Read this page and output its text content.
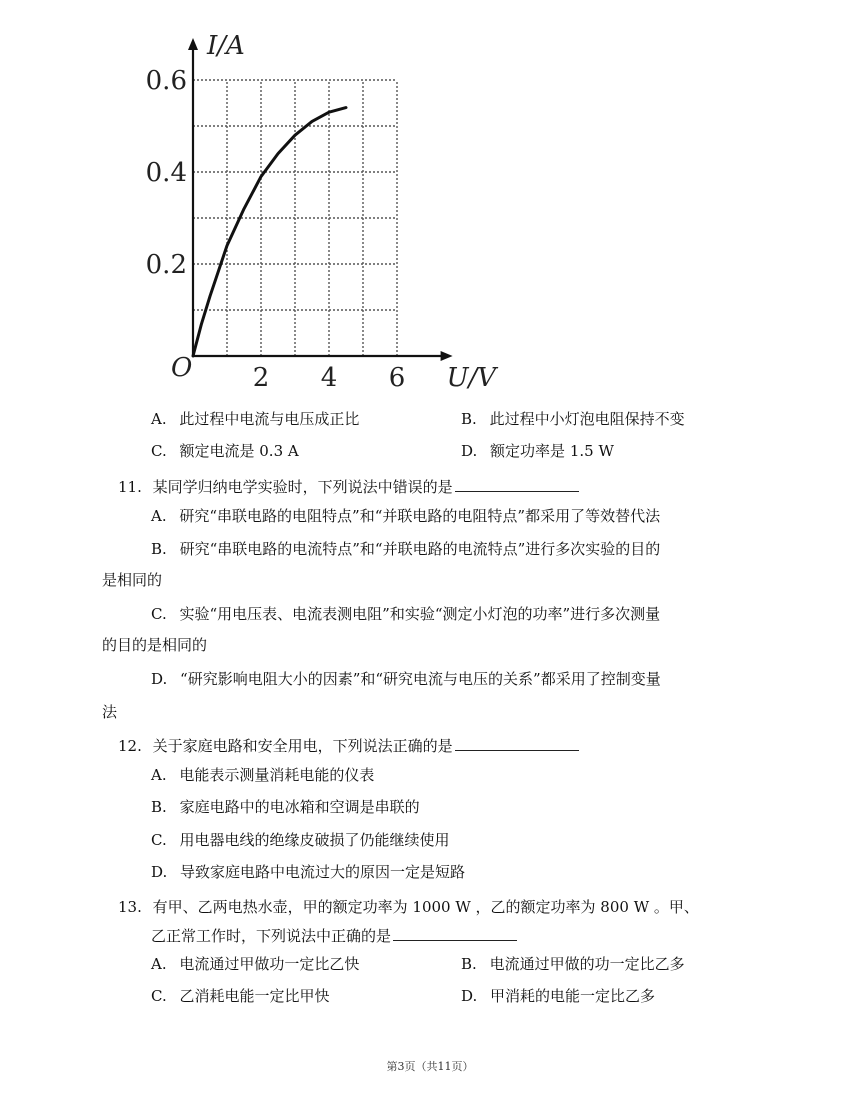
2 4 6
0.2
0.4
0.6
O
I/A
U/V
A. 此过程中电流与电压成正比	B. 此过程中小灯泡电阻保持不变
C. 额定电流是 0.3 A	D. 额定功率是 1.5 W
11. 某同学归纳电学实验时，下列说法中错误的是
A. 研究“串联电路的电阻特点”和“并联电路的电阻特点”都采用了等效替代法
B. 研究“串联电路的电流特点”和“并联电路的电流特点”进行多次实验的目的
是相同的
C. 实验“用电压表、电流表测电阻”和实验“测定小灯泡的功率”进行多次测量
的目的是相同的
D. “研究影响电阻大小的因素”和“研究电流与电压的关系”都采用了控制变量
法
12. 关于家庭电路和安全用电，下列说法正确的是
A. 电能表示测量消耗电能的仪表
B. 家庭电路中的电冰箱和空调是串联的
C. 用电器电线的绝缘皮破损了仍能继续使用
D. 导致家庭电路中电流过大的原因一定是短路
13. 有甲、乙两电热水壶，甲的额定功率为 1000 W ，乙的额定功率为 800 W 。甲、
乙正常工作时，下列说法中正确的是
A. 电流通过甲做功一定比乙快	B. 电流通过甲做的功一定比乙多
C. 乙消耗电能一定比甲快	D. 甲消耗的电能一定比乙多
第3页（共11页）
